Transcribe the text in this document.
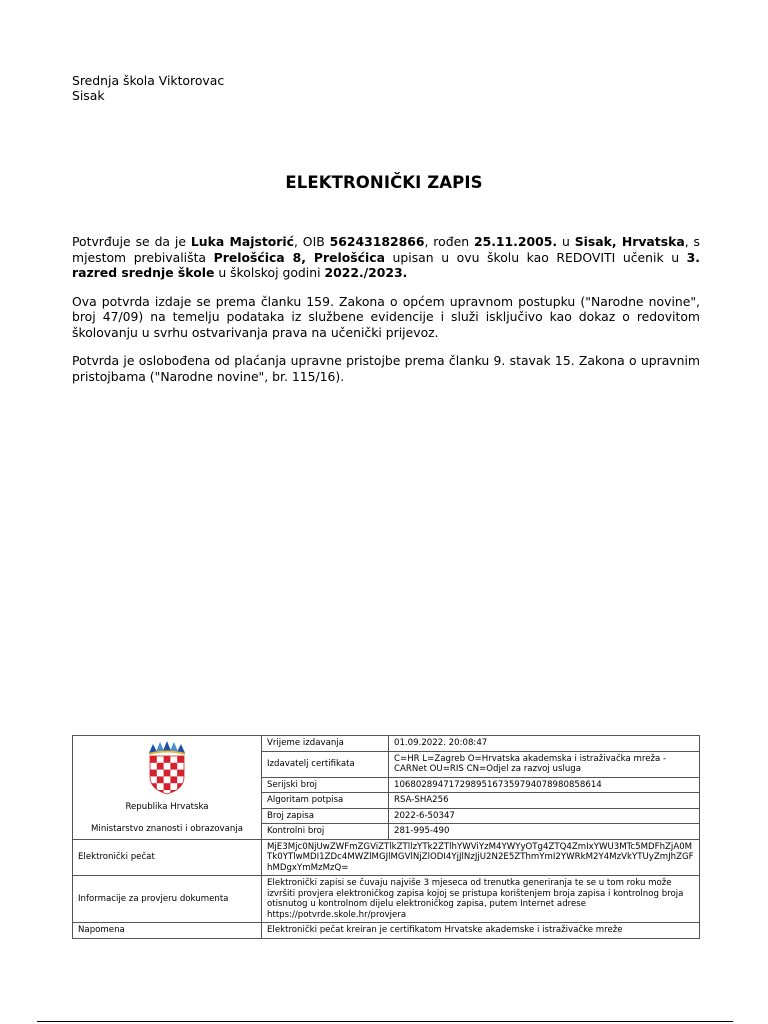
Srednja škola Viktorovac
Sisak
ELEKTRONIČKI ZAPIS

Potvrđuje se da je Luka Majstorić, OIB 56243182866, rođen 25.11.2005. u Sisak, Hrvatska, s mjestom prebivališta Prelošćica 8, Prelošćica upisan u ovu školu kao REDOVITI učenik u 3. razred srednje škole u školskoj godini 2022./2023.

Ova potvrda izdaje se prema članku 159. Zakona o općem upravnom postupku ("Narodne novine", broj 47/09) na temelju podataka iz službene evidencije i služi isključivo kao dokaz o redovitom školovanju u svrhu ostvarivanja prava na učenički prijevoz.

Potvrda je oslobođena od plaćanja upravne pristojbe prema članku 9. stavak 15. Zakona o upravnim pristojbama ("Narodne novine", br. 115/16).

Republika Hrvatska
Ministarstvo znanosti i obrazovanja	Vrijeme izdavanja	01.09.2022. 20:08:47
	Izdavatelj certifikata	C=HR L=Zagreb O=Hrvatska akademska i istraživačka mreža - CARNet OU=RIS CN=Odjel za razvoj usluga
	Serijski broj	106802894717298951673597940789808586​14
	Algoritam potpisa	RSA-SHA256
	Broj zapisa	2022-6-50347
	Kontrolni broj	281-995-490
Elektronički pečat	MjE3Mjc0NjUwZWFmZGViZTlkZTllzYTk2ZTlhYWViYzM4YWYyOTg4ZTQ4ZmIxYWU3MTc5MDFhZjA0MTk0YTlwMDI1ZDc4MWZlMGJlMGVlNjZlODI4YjJlNzJjU2N2E5ZThmYmI2YWRkM2Y4MzVkYTUyZmJhZGFhMDgxYmMzMzQ=	
Informacije za provjeru dokumenta	Elektronički zapisi se čuvaju najviše 3 mjeseca od trenutka generiranja te se u tom roku može izvršiti provjera elektroničkog zapisa kojoj se pristupa korištenjem broja zapisa i kontrolnog broja otisnutog u kontrolnom dijelu elektroničkog zapisa, putem Internet adrese https://potvrde.skole.hr/provjera	
Napomena	Elektronički pečat kreiran je certifikatom Hrvatske akademske i istraživačke mreže	
